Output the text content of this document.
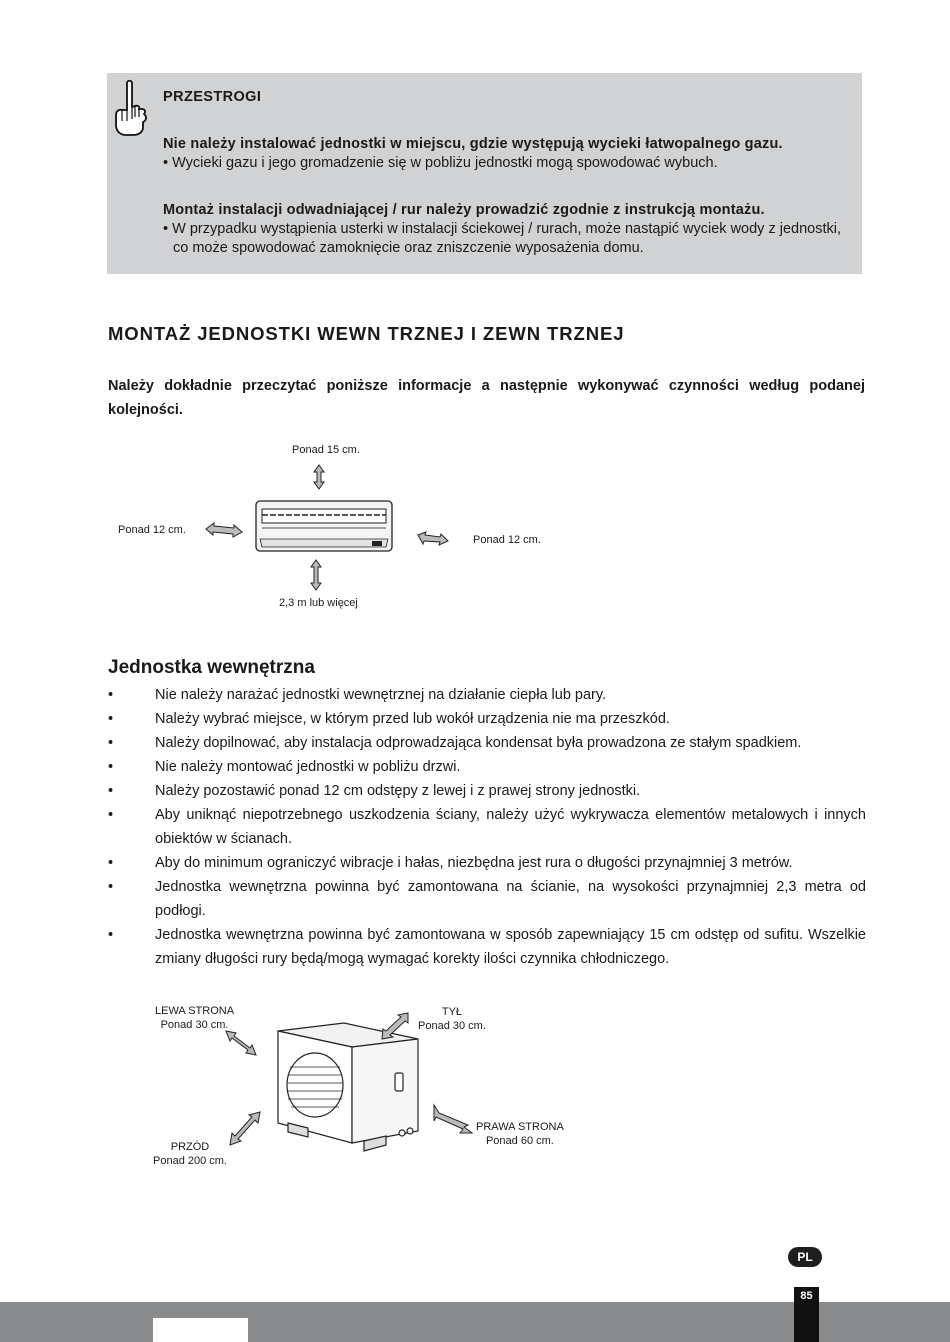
PRZESTROGI
Nie należy instalować jednostki w miejscu, gdzie występują wycieki łatwopalnego gazu.
• Wycieki gazu i jego gromadzenie się w pobliżu jednostki mogą spowodować wybuch.
Montaż instalacji odwadniającej / rur należy prowadzić zgodnie z instrukcją montażu.
• W przypadku wystąpienia usterki w instalacji ściekowej / rurach, może nastąpić wyciek wody z jednostki, co może spowodować zamoknięcie oraz zniszczenie wyposażenia domu.
MONTAŻ JEDNOSTKI WEWN TRZNEJ I ZEWN TRZNEJ
Należy dokładnie przeczytać poniższe informacje a następnie wykonywać czynności według podanej kolejności.
Ponad 15 cm.
Ponad 12 cm.
Ponad 12 cm.
2,3 m lub więcej
Jednostka wewnętrzna
•	Nie należy narażać jednostki wewnętrznej na działanie ciepła lub pary.
•	Należy wybrać miejsce, w którym przed lub wokół urządzenia nie ma przeszkód.
•	Należy dopilnować, aby instalacja odprowadzająca kondensat była prowadzona ze stałym spadkiem.
•	Nie należy montować jednostki w pobliżu drzwi.
•	Należy pozostawić ponad 12 cm odstępy z lewej i z prawej strony jednostki.
•	Aby uniknąć niepotrzebnego uszkodzenia ściany, należy użyć wykrywacza elementów metalowych i innych obiektów w ścianach.
•	Aby do minimum ograniczyć wibracje i hałas, niezbędna jest rura o długości przynajmniej 3 metrów.
•	Jednostka wewnętrzna powinna być zamontowana na ścianie, na wysokości przynajmniej 2,3 metra od podłogi.
•	Jednostka wewnętrzna powinna być zamontowana w sposób zapewniający 15 cm odstęp od sufitu. Wszelkie zmiany długości rury będą/mogą wymagać korekty ilości czynnika chłodniczego.
LEWA STRONA
Ponad 30 cm.
TYŁ
Ponad 30 cm.
PRAWA STRONA
Ponad 60 cm.
PRZÓD
Ponad 200 cm.
PL
85
